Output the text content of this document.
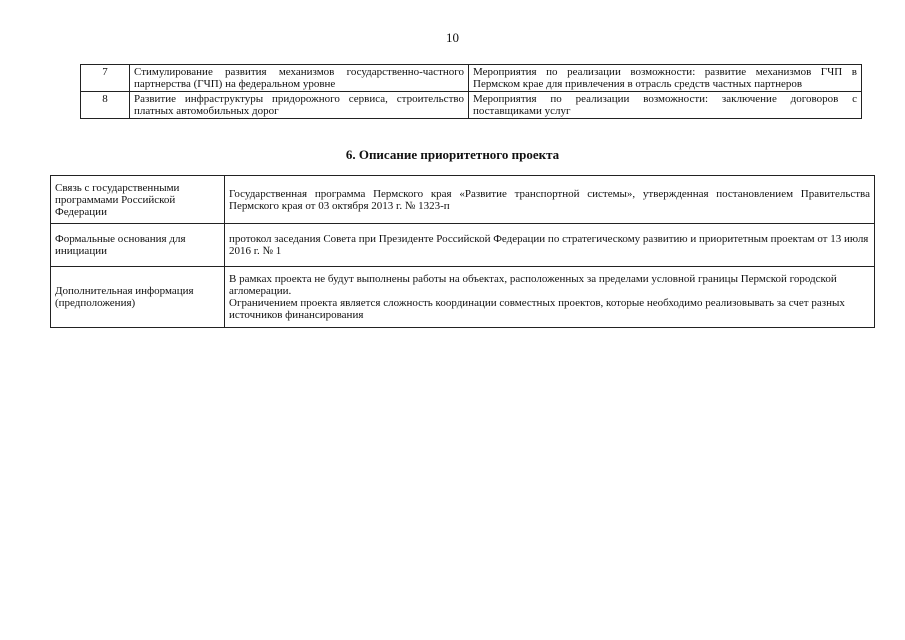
10
7	Стимулирование развития механизмов государственно-частного партнерства (ГЧП) на федеральном уровне	Мероприятия по реализации возможности: развитие механизмов ГЧП в Пермском крае для привлечения в отрасль средств частных партнеров
8	Развитие инфраструктуры придорожного сервиса, строительство платных автомобильных дорог	Мероприятия по реализации возможности: заключение договоров с поставщиками услуг
6. Описание приоритетного проекта
Связь с государственными программами Российской Федерации	Государственная программа Пермского края «Развитие транспортной системы», утвержденная постановлением Правительства Пермского края от 03 октября 2013 г. № 1323-п
Формальные основания для инициации	протокол заседания Совета при Президенте Российской Федерации по стратегическому развитию и приоритетным проектам от 13 июля 2016 г. № 1
Дополнительная информация (предположения)	В рамках проекта не будут выполнены работы на объектах, расположенных за пределами условной границы Пермской городской агломерации.
Ограничением проекта является сложность координации совместных проектов, которые необходимо реализовывать за счет разных источников финансирования
